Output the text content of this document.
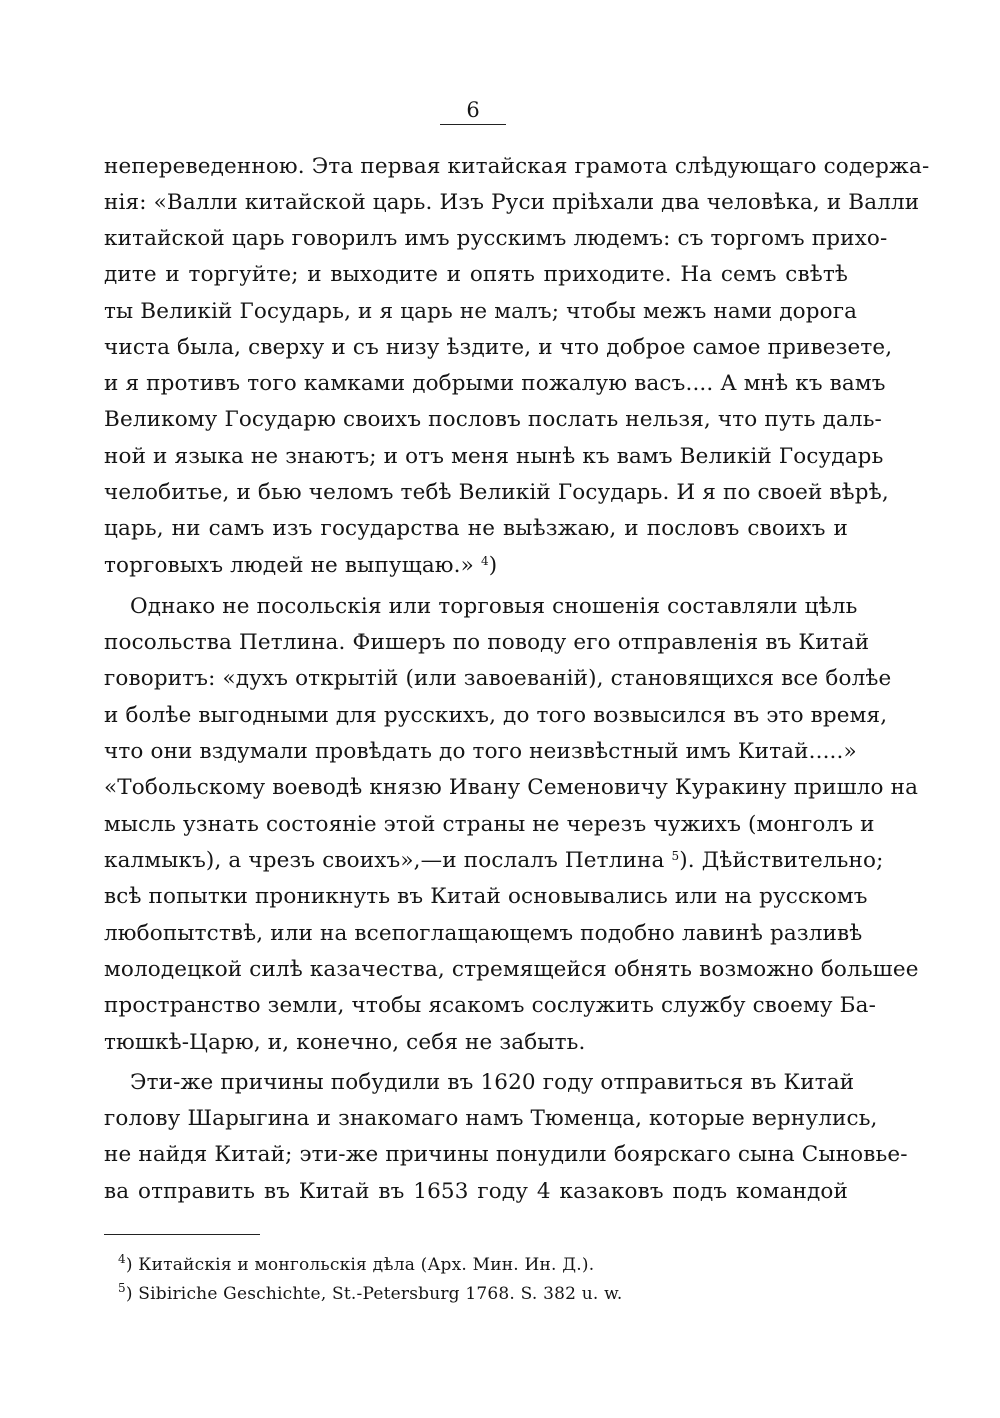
6
непереведенною. Эта первая китайская грамота слѣдующаго содержа-
нія: «Валли китайской царь. Изъ Руси пріѣхали два человѣка, и Валли
китайской царь говорилъ имъ русскимъ людемъ: съ торгомъ прихо-
дите и торгуйте; и выходите и опять приходите. На семъ свѣтѣ
ты Великій Государь, и я царь не малъ; чтобы межъ нами дорога
чиста была, сверху и съ низу ѣздите, и что доброе самое привезете,
и я противъ того камками добрыми пожалую васъ.... А мнѣ къ вамъ
Великому Государю своихъ пословъ послать нельзя, что путь даль-
ной и языка не знаютъ; и отъ меня нынѣ къ вамъ Великій Государь
челобитье, и бью челомъ тебѣ Великій Государь. И я по своей вѣрѣ,
царь, ни самъ изъ государства не выѣзжаю, и пословъ своихъ и
торговыхъ людей не выпущаю.» $^4$)
Однако не посольскія или торговыя сношенія составляли цѣль
посольства Петлина. Фишеръ по поводу его отправленія въ Китай
говоритъ: «духъ открытій (или завоеваній), становящихся все болѣе
и болѣе выгодными для русскихъ, до того возвысился въ это время,
что они вздумали провѣдать до того неизвѣстный имъ Китай.....»
«Тобольскому воеводѣ князю Ивану Семеновичу Куракину пришло на
мысль узнать состояніе этой страны не черезъ чужихъ (монголъ и
калмыкъ), а чрезъ своихъ»,—и послалъ Петлина $^5$). Дѣйствительно;
всѣ попытки проникнуть въ Китай основывались или на русскомъ
любопытствѣ, или на всепоглащающемъ подобно лавинѣ разливѣ
молодецкой силѣ казачества, стремящейся обнять возможно большее
пространство земли, чтобы ясакомъ сослужить службу своему Ба-
тюшкѣ-Царю, и, конечно, себя не забыть.
Эти-же причины побудили въ 1620 году отправиться въ Китай
голову Шарыгина и знакомаго намъ Тюменца, которые вернулись,
не найдя Китай; эти-же причины понудили боярскаго сына Сыновье-
ва отправить въ Китай въ 1653 году 4 казаковъ подъ командой
$^4$) Китайскія и монгольскія дѣла (Арх. Мин. Ин. Д.).
$^5$) Sibiriche Geschichte, St.-Petersburg 1768. S. 382 u. w.
